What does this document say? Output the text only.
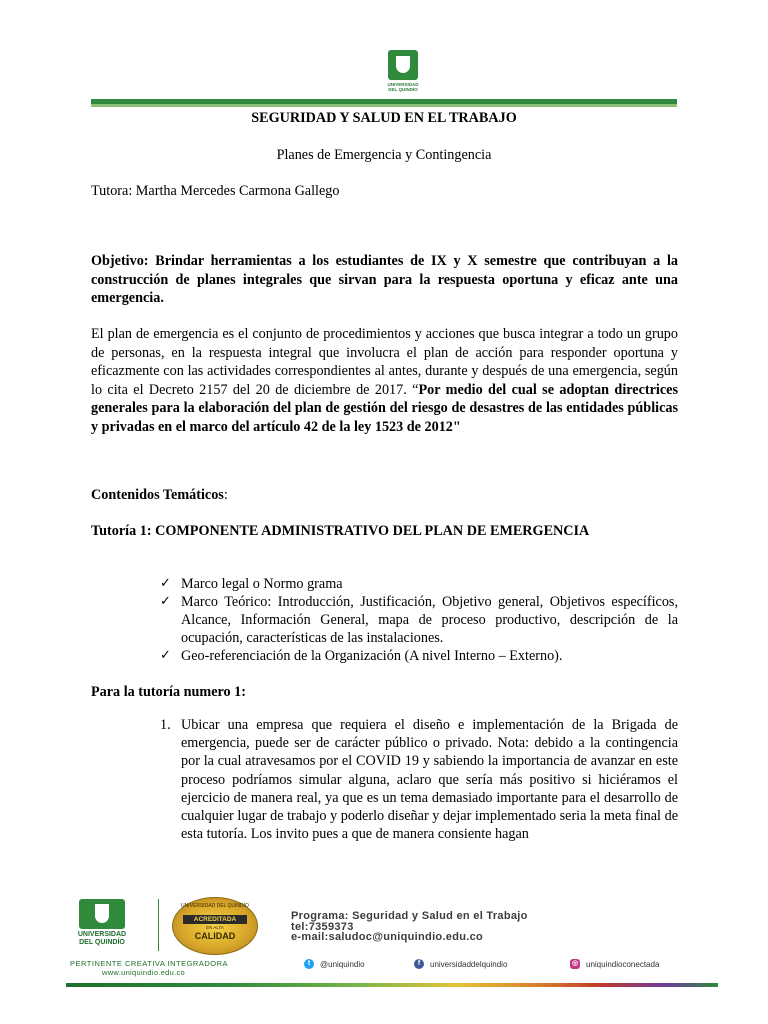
UNIVERSIDAD
DEL QUINDÍO
SEGURIDAD Y SALUD EN EL TRABAJO
Planes de Emergencia y Contingencia
Tutora: Martha Mercedes Carmona Gallego
Objetivo: Brindar herramientas a los estudiantes de IX y X semestre que contribuyan a la construcción de planes integrales que sirvan para la respuesta oportuna y eficaz ante una emergencia.
El plan de emergencia es el conjunto de procedimientos y acciones que busca integrar a todo un grupo de personas, en la respuesta integral que involucra el plan de acción para responder oportuna y eficazmente con las actividades correspondientes al antes, durante y después de una emergencia, según lo cita el Decreto 2157 del 20 de diciembre de 2017. “Por medio del cual se adoptan directrices generales para la elaboración del plan de gestión del riesgo de desastres de las entidades públicas y privadas en el marco del artículo 42 de la ley 1523 de 2012"
Contenidos Temáticos:
Tutoría 1: COMPONENTE ADMINISTRATIVO DEL PLAN DE EMERGENCIA
✓ Marco legal o Normo grama
✓ Marco Teórico: Introducción, Justificación, Objetivo general, Objetivos específicos, Alcance, Información General, mapa de proceso productivo, descripción de la ocupación, características de las instalaciones.
✓ Geo-referenciación de la Organización (A nivel Interno – Externo).
Para la tutoría numero 1:
1. Ubicar una empresa que requiera el diseño e implementación de la Brigada de emergencia, puede ser de carácter público o privado. Nota: debido a la contingencia por la cual atravesamos por el COVID 19 y sabiendo la importancia de avanzar en este proceso podríamos simular alguna, aclaro que sería más positivo si hiciéramos el ejercicio de manera real, ya que es un tema demasiado importante para el desarrollo de cualquier lugar de trabajo y poderlo diseñar y dejar implementado seria la meta final de esta tutoría. Los invito pues a que de manera consiente hagan
UNIVERSIDAD
DEL QUINDÍO
UNIVERSIDAD DEL QUINDÍO
ACREDITADA
EN ALTA
CALIDAD
Programa: Seguridad y Salud en el Trabajo
tel:7359373
e-mail:saludoc@uniquindio.edu.co
PERTINENTE CREATIVA INTEGRADORA
www.uniquindio.edu.co
t	@uniquindio	f	universidaddelquindio	◎ uniquindioconectada
